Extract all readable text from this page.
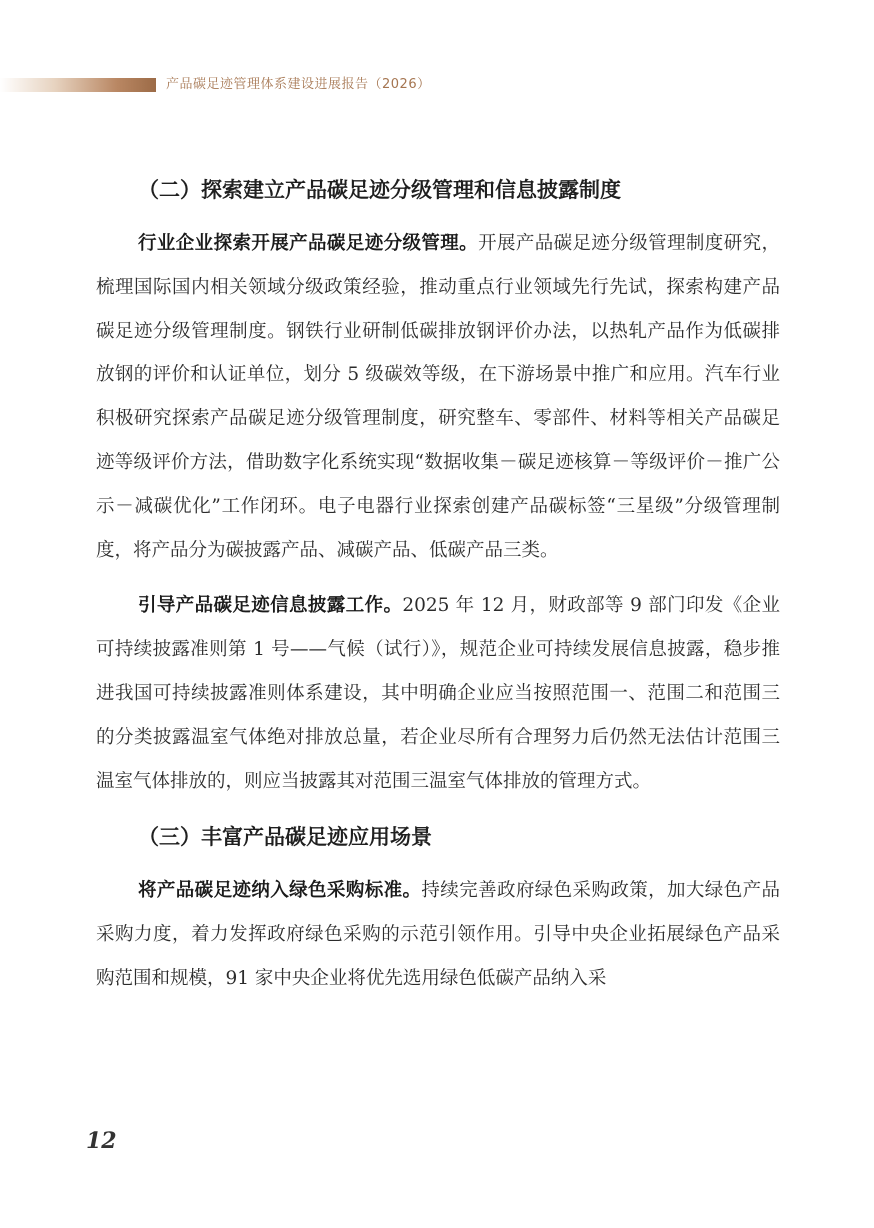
产品碳足迹管理体系建设进展报告（2026）
（二）探索建立产品碳足迹分级管理和信息披露制度

行业企业探索开展产品碳足迹分级管理。开展产品碳足迹分级管理制度研究，梳理国际国内相关领域分级政策经验，推动重点行业领域先行先试，探索构建产品碳足迹分级管理制度。钢铁行业研制低碳排放钢评价办法，以热轧产品作为低碳排放钢的评价和认证单位，划分 5 级碳效等级，在下游场景中推广和应用。汽车行业积极研究探索产品碳足迹分级管理制度，研究整车、零部件、材料等相关产品碳足迹等级评价方法，借助数字化系统实现“数据收集－碳足迹核算－等级评价－推广公示－减碳优化”工作闭环。电子电器行业探索创建产品碳标签“三星级”分级管理制度，将产品分为碳披露产品、减碳产品、低碳产品三类。

引导产品碳足迹信息披露工作。2025 年 12 月，财政部等 9 部门印发《企业可持续披露准则第 1 号——气候（试行）》，规范企业可持续发展信息披露，稳步推进我国可持续披露准则体系建设，其中明确企业应当按照范围一、范围二和范围三的分类披露温室气体绝对排放总量，若企业尽所有合理努力后仍然无法估计范围三温室气体排放的，则应当披露其对范围三温室气体排放的管理方式。

（三）丰富产品碳足迹应用场景

将产品碳足迹纳入绿色采购标准。持续完善政府绿色采购政策，加大绿色产品采购力度，着力发挥政府绿色采购的示范引领作用。引导中央企业拓展绿色产品采购范围和规模，91 家中央企业将优先选用绿色低碳产品纳入采

12
